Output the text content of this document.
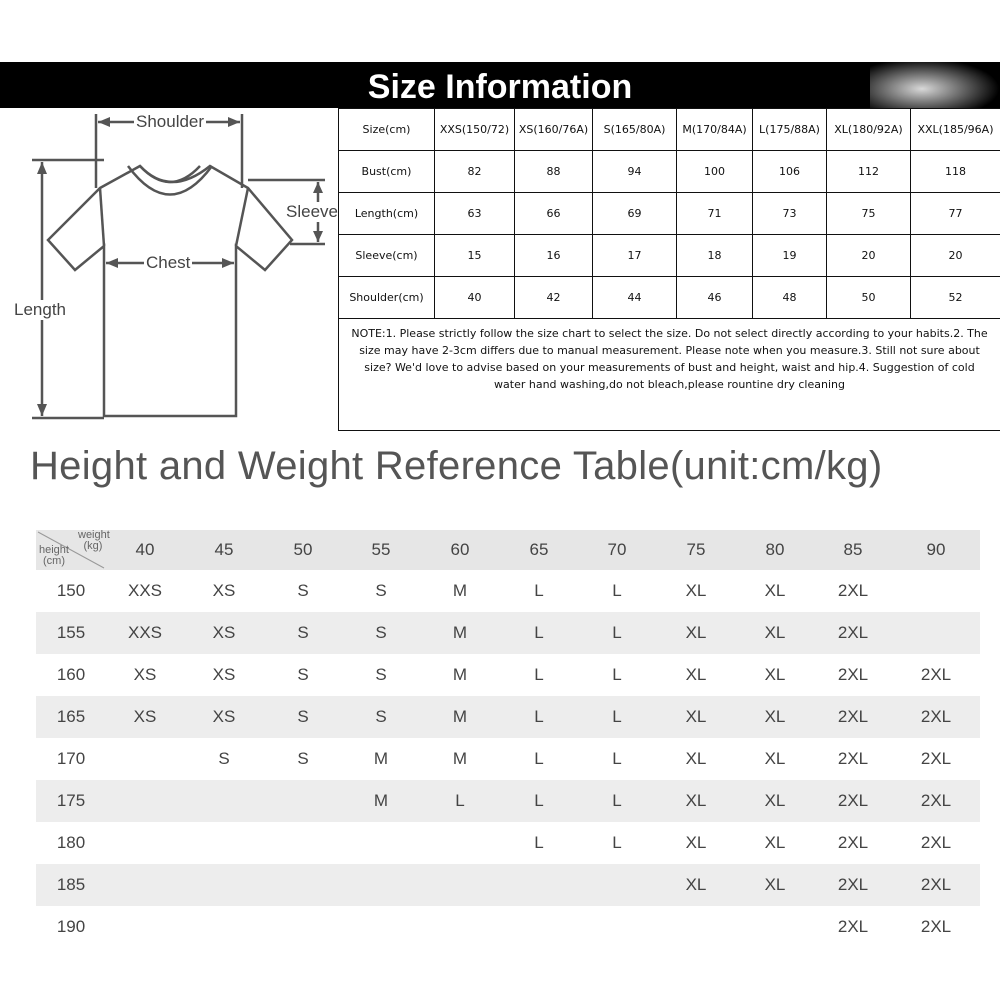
Size Information
Shoulder
Sleeve
Chest
Length
Size(cm)	XXS(150/72)	XS(160/76A)	S(165/80A)	M(170/84A)	L(175/88A)	XL(180/92A)	XXL(185/96A)
Bust(cm)	82	88	94	100	106	112	118
Length(cm)	63	66	69	71	73	75	77
Sleeve(cm)	15	16	17	18	19	20	20
Shoulder(cm)	40	42	44	46	48	50	52
NOTE:1. Please strictly follow the size chart to select the size. Do not select directly according to your habits.2. The size may have 2-3cm differs due to manual measurement. Please note when you measure.3. Still not sure about size? We'd love to advise based on your measurements of bust and height, waist and hip.4. Suggestion of cold water hand washing,do not bleach,please rountine dry cleaning							
Height and Weight Reference Table(unit:cm/kg)
weight (kg)
height (cm)	40	45	50	55	60	65	70	75	80	85	90
150	XXS	XS	S	S	M	L	L	XL	XL	2XL	
155	XXS	XS	S	S	M	L	L	XL	XL	2XL	
160	XS	XS	S	S	M	L	L	XL	XL	2XL	2XL
165	XS	XS	S	S	M	L	L	XL	XL	2XL	2XL
170		S	S	M	M	L	L	XL	XL	2XL	2XL
175				M	L	L	L	XL	XL	2XL	2XL
180						L	L	XL	XL	2XL	2XL
185								XL	XL	2XL	2XL
190										2XL	2XL
